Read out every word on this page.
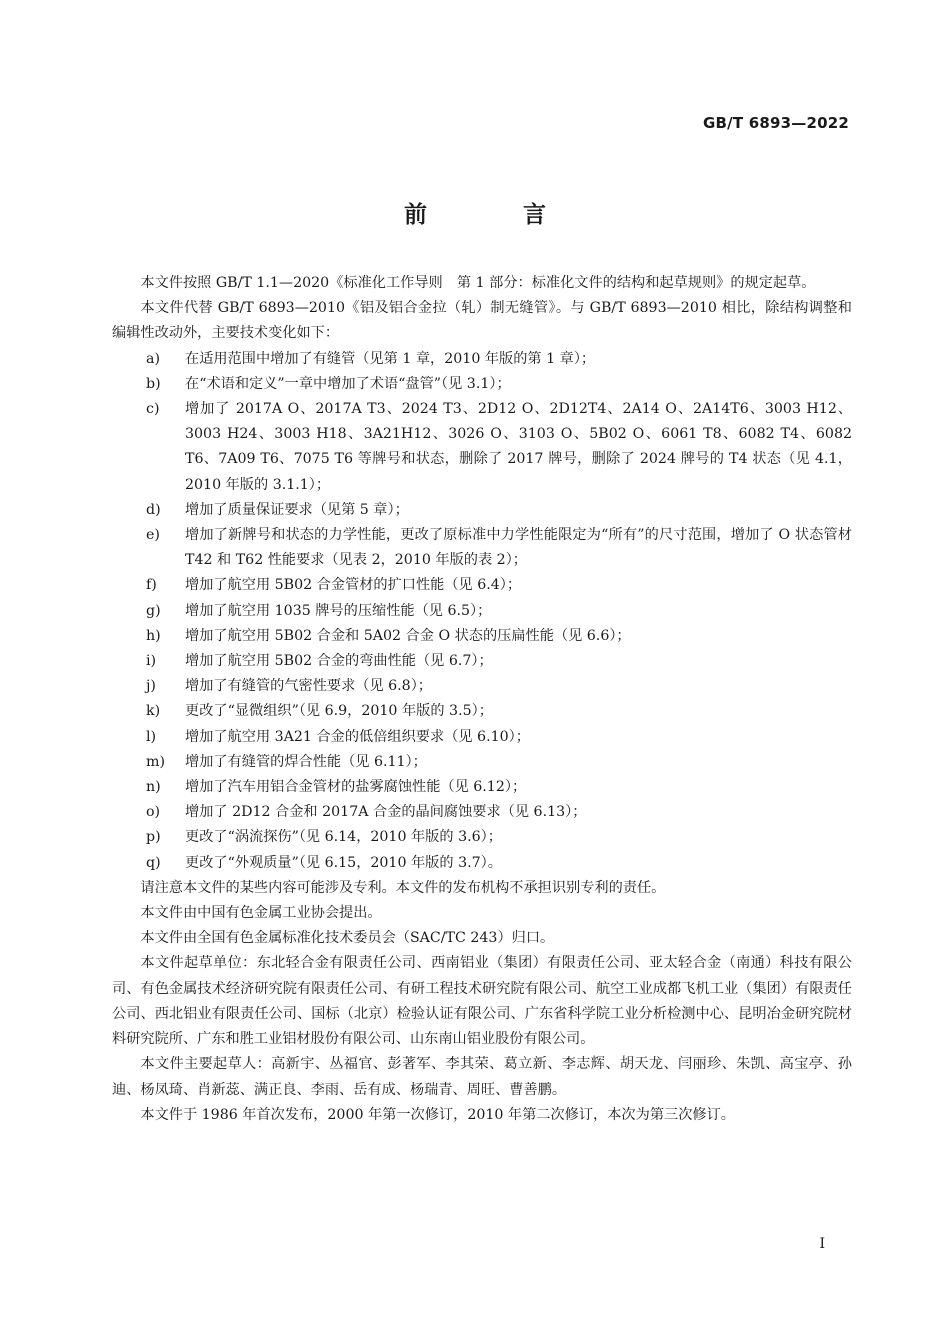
GB/T 6893—2022
前 言

本文件按照 GB/T 1.1—2020《标准化工作导则　第 1 部分：标准化文件的结构和起草规则》的规定起草。

本文件代替 GB/T 6893—2010《铝及铝合金拉（轧）制无缝管》。与 GB/T 6893—2010 相比，除结构调整和编辑性改动外，主要技术变化如下：

a)	在适用范围中增加了有缝管（见第 1 章，2010 年版的第 1 章）；
b)	在“术语和定义”一章中增加了术语“盘管”（见 3.1）；
c)	增加了 2017A O、2017A T3、2024 T3、2D12 O、2D12T4、2A14 O、2A14T6、3003 H12、3003 H24、3003 H18、3A21H12、3026 O、3103 O、5B02 O、6061 T8、6082 T4、6082 T6、7A09 T6、7075 T6 等牌号和状态，删除了 2017 牌号，删除了 2024 牌号的 T4 状态（见 4.1，2010 年版的 3.1.1）；
d)	增加了质量保证要求（见第 5 章）；
e)	增加了新牌号和状态的力学性能，更改了原标准中力学性能限定为“所有”的尺寸范围，增加了 O 状态管材 T42 和 T62 性能要求（见表 2，2010 年版的表 2）；
f)	增加了航空用 5B02 合金管材的扩口性能（见 6.4）；
g)	增加了航空用 1035 牌号的压缩性能（见 6.5）；
h)	增加了航空用 5B02 合金和 5A02 合金 O 状态的压扁性能（见 6.6）；
i)	增加了航空用 5B02 合金的弯曲性能（见 6.7）；
j)	增加了有缝管的气密性要求（见 6.8）；
k)	更改了“显微组织”（见 6.9，2010 年版的 3.5）；
l)	增加了航空用 3A21 合金的低倍组织要求（见 6.10）；
m)	增加了有缝管的焊合性能（见 6.11）；
n)	增加了汽车用铝合金管材的盐雾腐蚀性能（见 6.12）；
o)	增加了 2D12 合金和 2017A 合金的晶间腐蚀要求（见 6.13）；
p)	更改了“涡流探伤”（见 6.14，2010 年版的 3.6）；
q)	更改了“外观质量”（见 6.15，2010 年版的 3.7）。

请注意本文件的某些内容可能涉及专利。本文件的发布机构不承担识别专利的责任。

本文件由中国有色金属工业协会提出。

本文件由全国有色金属标准化技术委员会（SAC/TC 243）归口。

本文件起草单位：东北轻合金有限责任公司、西南铝业（集团）有限责任公司、亚太轻合金（南通）科技有限公司、有色金属技术经济研究院有限责任公司、有研工程技术研究院有限公司、航空工业成都飞机工业（集团）有限责任公司、西北铝业有限责任公司、国标（北京）检验认证有限公司、广东省科学院工业分析检测中心、昆明冶金研究院材料研究院所、广东和胜工业铝材股份有限公司、山东南山铝业股份有限公司。

本文件主要起草人：高新宇、丛福官、彭著军、李其荣、葛立新、李志辉、胡天龙、闫丽珍、朱凯、高宝亭、孙迪、杨凤琦、肖新蕊、满正良、李雨、岳有成、杨瑞青、周旺、曹善鹏。

本文件于 1986 年首次发布，2000 年第一次修订，2010 年第二次修订，本次为第三次修订。

I
